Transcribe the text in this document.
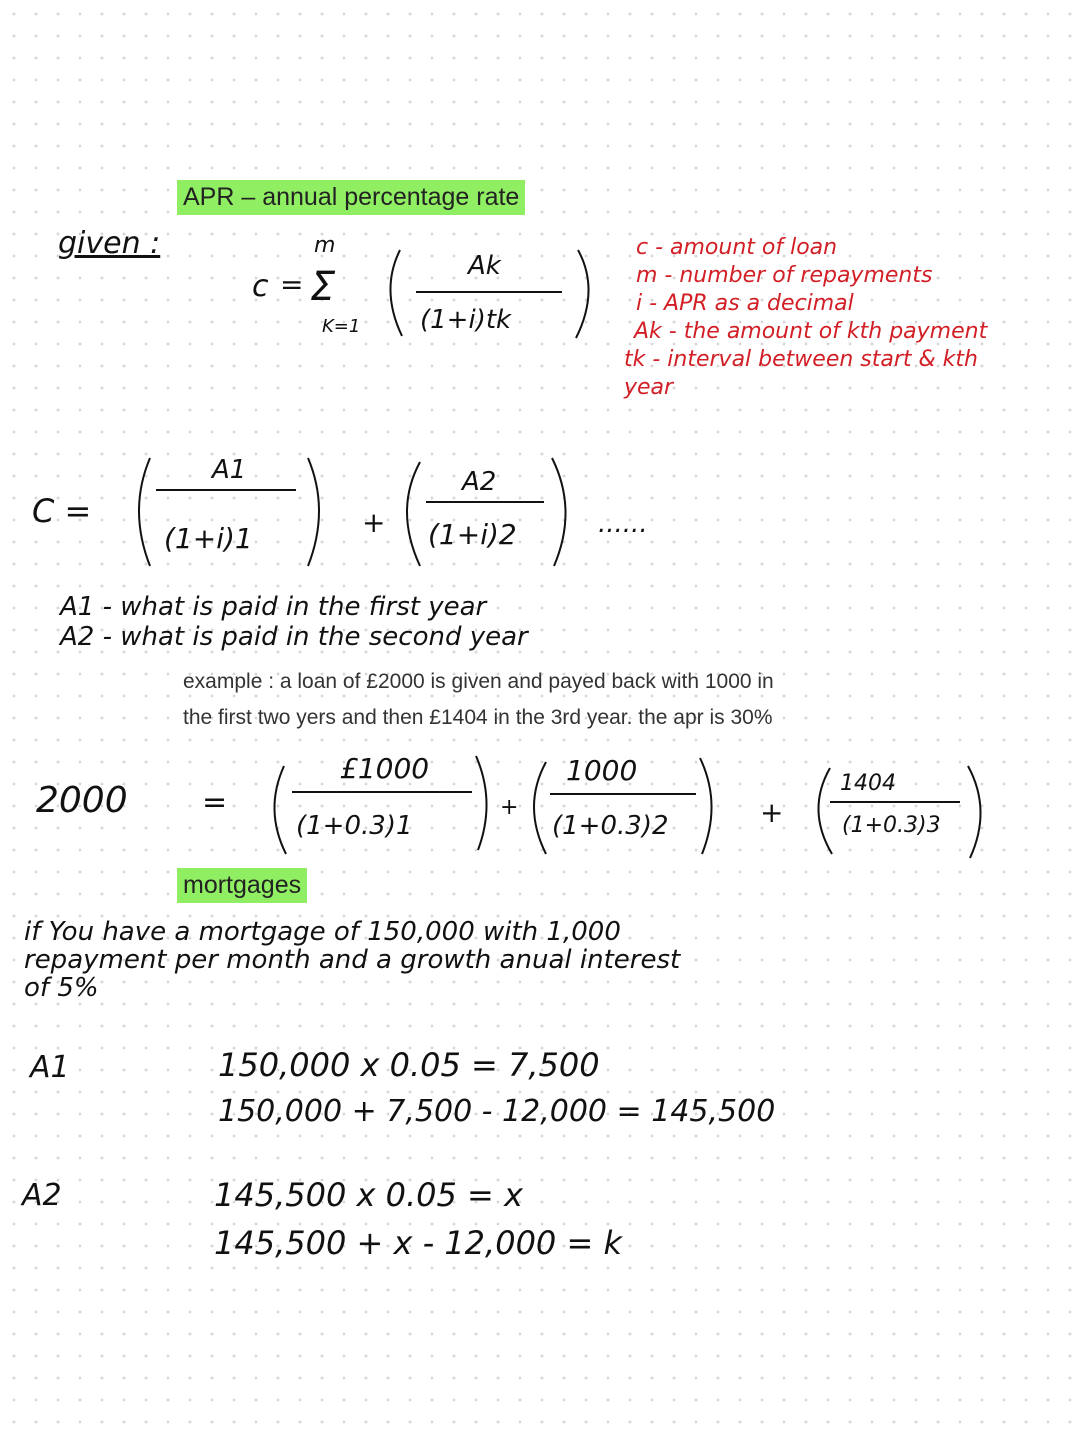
APR – annual percentage rate
given :
c =
m
Σ
K=1
Ak
(1+i)tk
c - amount of loan
m - number of repayments
i - APR as a decimal
Ak - the amount of kth payment
tk - interval between start & kth year
C =
A1
(1+i)1	+
A2
(1+i)2	......
A1 - what is paid in the first year
A2 - what is paid in the second year
example : a loan of £2000 is given and payed back with 1000 in
the first two yers and then £1404 in the 3rd year. the apr is 30%
2000 =
£1000
(1+0.3)1
+
1000
(1+0.3)2	+
1404
(1+0.3)3
mortgages
if You have a mortgage of 150,000 with 1,000
repayment per month and a growth anual interest
of 5%
A1	150,000 x 0.05 = 7,500
150,000 + 7,500 - 12,000 = 145,500
A2	145,500 x 0.05 = x
145,500 + x - 12,000 = k
